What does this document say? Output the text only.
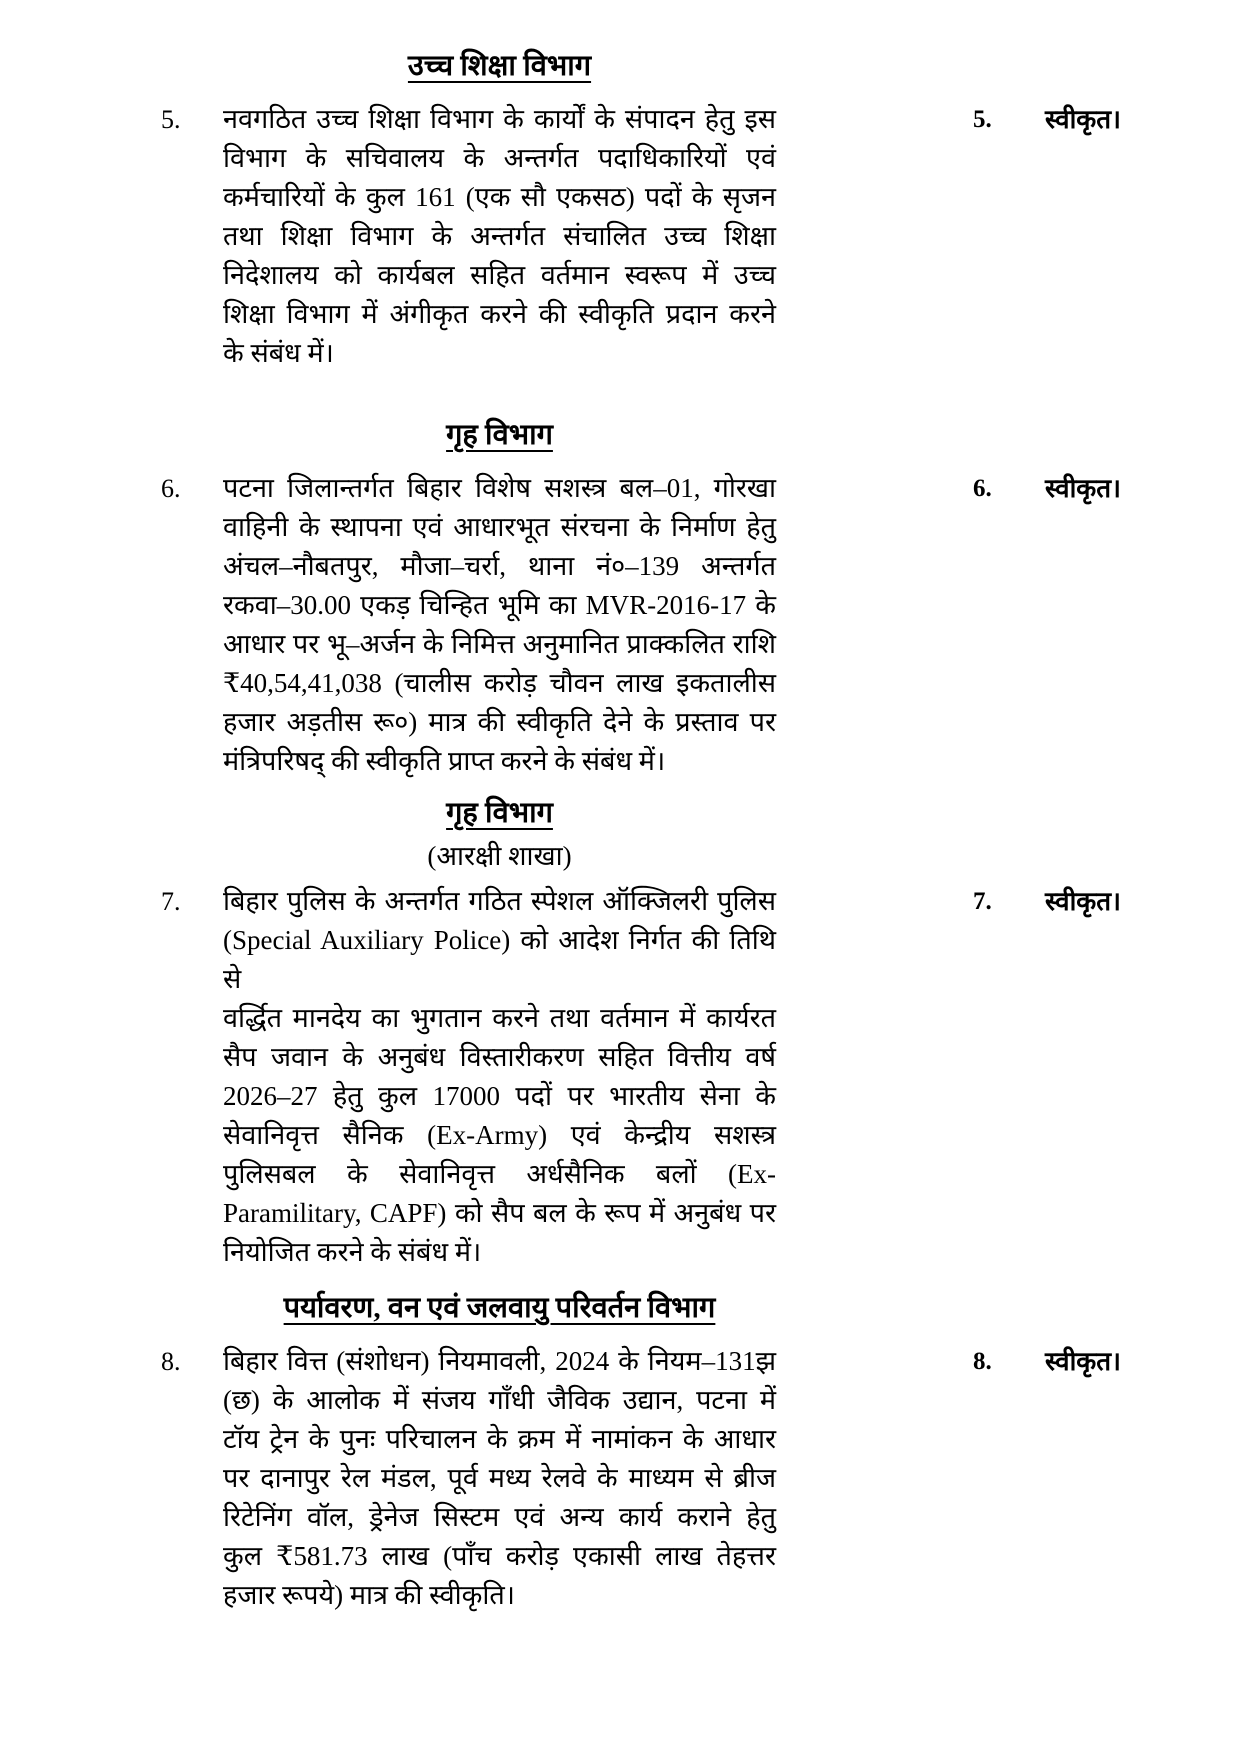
उच्च शिक्षा विभाग
5.	नवगठित उच्च शिक्षा विभाग के कार्यों के संपादन हेतु इस
विभाग के सचिवालय के अन्तर्गत पदाधिकारियों एवं
कर्मचारियों के कुल 161 (एक सौ एकसठ) पदों के सृजन
तथा शिक्षा विभाग के अन्तर्गत संचालित उच्च शिक्षा
निदेशालय को कार्यबल सहित वर्तमान स्वरूप में उच्च
शिक्षा विभाग में अंगीकृत करने की स्वीकृति प्रदान करने
के संबंध में।
5.	स्वीकृत।
गृह विभाग
6.	पटना जिलान्तर्गत बिहार विशेष सशस्त्र बल–01, गोरखा
वाहिनी के स्थापना एवं आधारभूत संरचना के निर्माण हेतु
अंचल–नौबतपुर, मौजा–चर्रा, थाना नं०–139 अन्तर्गत
रकवा–30.00 एकड़ चिन्हित भूमि का MVR-2016-17 के
आधार पर भू–अर्जन के निमित्त अनुमानित प्राक्कलित राशि
₹40,54,41,038 (चालीस करोड़ चौवन लाख इकतालीस
हजार अड़तीस रू०) मात्र की स्वीकृति देने के प्रस्ताव पर
मंत्रिपरिषद् की स्वीकृति प्राप्त करने के संबंध में।
6.	स्वीकृत।
गृह विभाग
(आरक्षी शाखा)
7.	बिहार पुलिस के अन्तर्गत गठित स्पेशल ऑक्जिलरी पुलिस
(Special Auxiliary Police) को आदेश निर्गत की तिथि से
वर्द्धित मानदेय का भुगतान करने तथा वर्तमान में कार्यरत
सैप जवान के अनुबंध विस्तारीकरण सहित वित्तीय वर्ष
2026–27 हेतु कुल 17000 पदों पर भारतीय सेना के
सेवानिवृत्त सैनिक (Ex-Army) एवं केन्द्रीय सशस्त्र
पुलिसबल के सेवानिवृत्त अर्धसैनिक बलों (Ex-
Paramilitary, CAPF) को सैप बल के रूप में अनुबंध पर
नियोजित करने के संबंध में।
7.	स्वीकृत।
पर्यावरण, वन एवं जलवायु परिवर्तन विभाग
8.	बिहार वित्त (संशोधन) नियमावली, 2024 के नियम–131झ
(छ) के आलोक में संजय गाँधी जैविक उद्यान, पटना में
टॉय ट्रेन के पुनः परिचालन के क्रम में नामांकन के आधार
पर दानापुर रेल मंडल, पूर्व मध्य रेलवे के माध्यम से ब्रीज
रिटेनिंग वॉल, ड्रेनेज सिस्टम एवं अन्य कार्य कराने हेतु
कुल ₹581.73 लाख (पाँच करोड़ एकासी लाख तेहत्तर
हजार रूपये) मात्र की स्वीकृति।
8.	स्वीकृत।
